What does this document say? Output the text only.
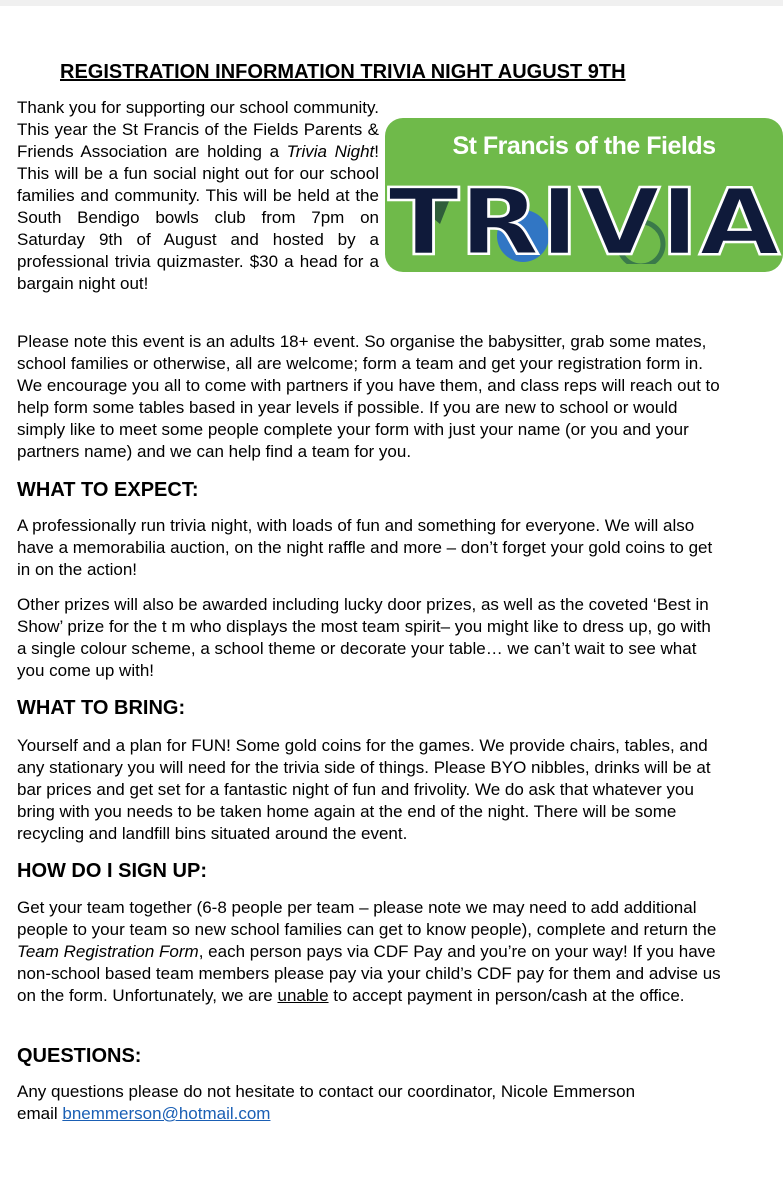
REGISTRATION INFORMATION TRIVIA NIGHT AUGUST 9TH

Thank you for supporting our school community. This year the St Francis of the Fields Parents & Friends Association are holding a Trivia Night! This will be a fun social night out for our school families and community. This will be held at the South Bendigo bowls club from 7pm on Saturday 9th of August and hosted by a professional trivia quizmaster. $30 a head for a bargain night out!

St Francis of the Fields
TRIVIA

Please note this event is an adults 18+ event. So organise the babysitter, grab some mates, school families or otherwise, all are welcome; form a team and get your registration form in. We encourage you all to come with partners if you have them, and class reps will reach out to help form some tables based in year levels if possible. If you are new to school or would simply like to meet some people complete your form with just your name (or you and your partners name) and we can help find a team for you.

WHAT TO EXPECT:

A professionally run trivia night, with loads of fun and something for everyone. We will also have a memorabilia auction, on the night raffle and more – don’t forget your gold coins to get in on the action!

Other prizes will also be awarded including lucky door prizes, as well as the coveted ‘Best in Show’ prize for the t m who displays the most team spirit– you might like to dress up, go with a single colour scheme, a school theme or decorate your table… we can’t wait to see what you come up with!

WHAT TO BRING:

Yourself and a plan for FUN! Some gold coins for the games. We provide chairs, tables, and any stationary you will need for the trivia side of things. Please BYO nibbles, drinks will be at bar prices and get set for a fantastic night of fun and frivolity. We do ask that whatever you bring with you needs to be taken home again at the end of the night. There will be some recycling and landfill bins situated around the event.

HOW DO I SIGN UP:

Get your team together (6-8 people per team – please note we may need to add additional people to your team so new school families can get to know people), complete and return the Team Registration Form, each person pays via CDF Pay and you’re on your way! If you have non-school based team members please pay via your child’s CDF pay for them and advise us on the form. Unfortunately, we are unable to accept payment in person/cash at the office.

QUESTIONS:

Any questions please do not hesitate to contact our coordinator, Nicole Emmerson
email bnemmerson@hotmail.com
